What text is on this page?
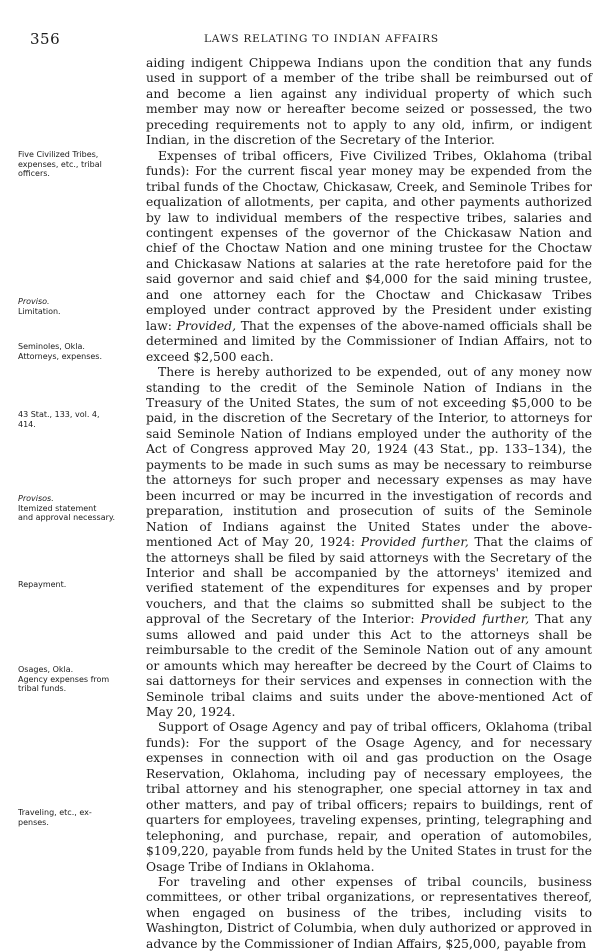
356	LAWS RELATING TO INDIAN AFFAIRS
Five Civilized Tribes,
expenses, etc., tribal
officers.
Proviso.
Limitation.
Seminoles, Okla.
Attorneys, expenses.
43 Stat., 133, vol. 4,
414.
Provisos.
Itemized statement
and approval necessary.
Repayment.
Osages, Okla.
Agency expenses from
tribal funds.
Traveling, etc., ex-
penses.

aiding indigent Chippewa Indians upon the condition that any funds used in support of a member of the tribe shall be reimbursed out of and become a lien against any individual property of which such member may now or hereafter become seized or possessed, the two preceding requirements not to apply to any old, infirm, or indigent Indian, in the discretion of the Secretary of the Interior.

Expenses of tribal officers, Five Civilized Tribes, Oklahoma (tribal funds): For the current fiscal year money may be expended from the tribal funds of the Choctaw, Chickasaw, Creek, and Seminole Tribes for equalization of allotments, per capita, and other payments authorized by law to individual members of the respective tribes, salaries and contingent expenses of the governor of the Chickasaw Nation and chief of the Choctaw Nation and one mining trustee for the Choctaw and Chickasaw Nations at salaries at the rate heretofore paid for the said governor and said chief and $4,000 for the said mining trustee, and one attorney each for the Choctaw and Chickasaw Tribes employed under contract approved by the President under existing law: Provided, That the expenses of the above-named officials shall be determined and limited by the Commissioner of Indian Affairs, not to exceed $2,500 each.

There is hereby authorized to be expended, out of any money now standing to the credit of the Seminole Nation of Indians in the Treasury of the United States, the sum of not exceeding $5,000 to be paid, in the discretion of the Secretary of the Interior, to attorneys for said Seminole Nation of Indians employed under the authority of the Act of Congress approved May 20, 1924 (43 Stat., pp. 133–134), the payments to be made in such sums as may be necessary to reimburse the attorneys for such proper and necessary expenses as may have been incurred or may be incurred in the investigation of records and preparation, institution and prosecution of suits of the Seminole Nation of Indians against the United States under the above-mentioned Act of May 20, 1924: Provided further, That the claims of the attorneys shall be filed by said attorneys with the Secretary of the Interior and shall be accompanied by the attorneys' itemized and verified statement of the expenditures for expenses and by proper vouchers, and that the claims so submitted shall be subject to the approval of the Secretary of the Interior: Provided further, That any sums allowed and paid under this Act to the attorneys shall be reimbursable to the credit of the Seminole Nation out of any amount or amounts which may hereafter be decreed by the Court of Claims to sai dattorneys for their services and expenses in connection with the Seminole tribal claims and suits under the above-mentioned Act of May 20, 1924.

Support of Osage Agency and pay of tribal officers, Oklahoma (tribal funds): For the support of the Osage Agency, and for necessary expenses in connection with oil and gas production on the Osage Reservation, Oklahoma, including pay of necessary employees, the tribal attorney and his stenographer, one special attorney in tax and other matters, and pay of tribal officers; repairs to buildings, rent of quarters for employees, traveling expenses, printing, telegraphing and telephoning, and purchase, repair, and operation of automobiles, $109,220, payable from funds held by the United States in trust for the Osage Tribe of Indians in Oklahoma.

For traveling and other expenses of tribal councils, business committees, or other tribal organizations, or representatives thereof, when engaged on business of the tribes, including visits to Washington, District of Columbia, when duly authorized or approved in advance by the Commissioner of Indian Affairs, $25,000, payable from
